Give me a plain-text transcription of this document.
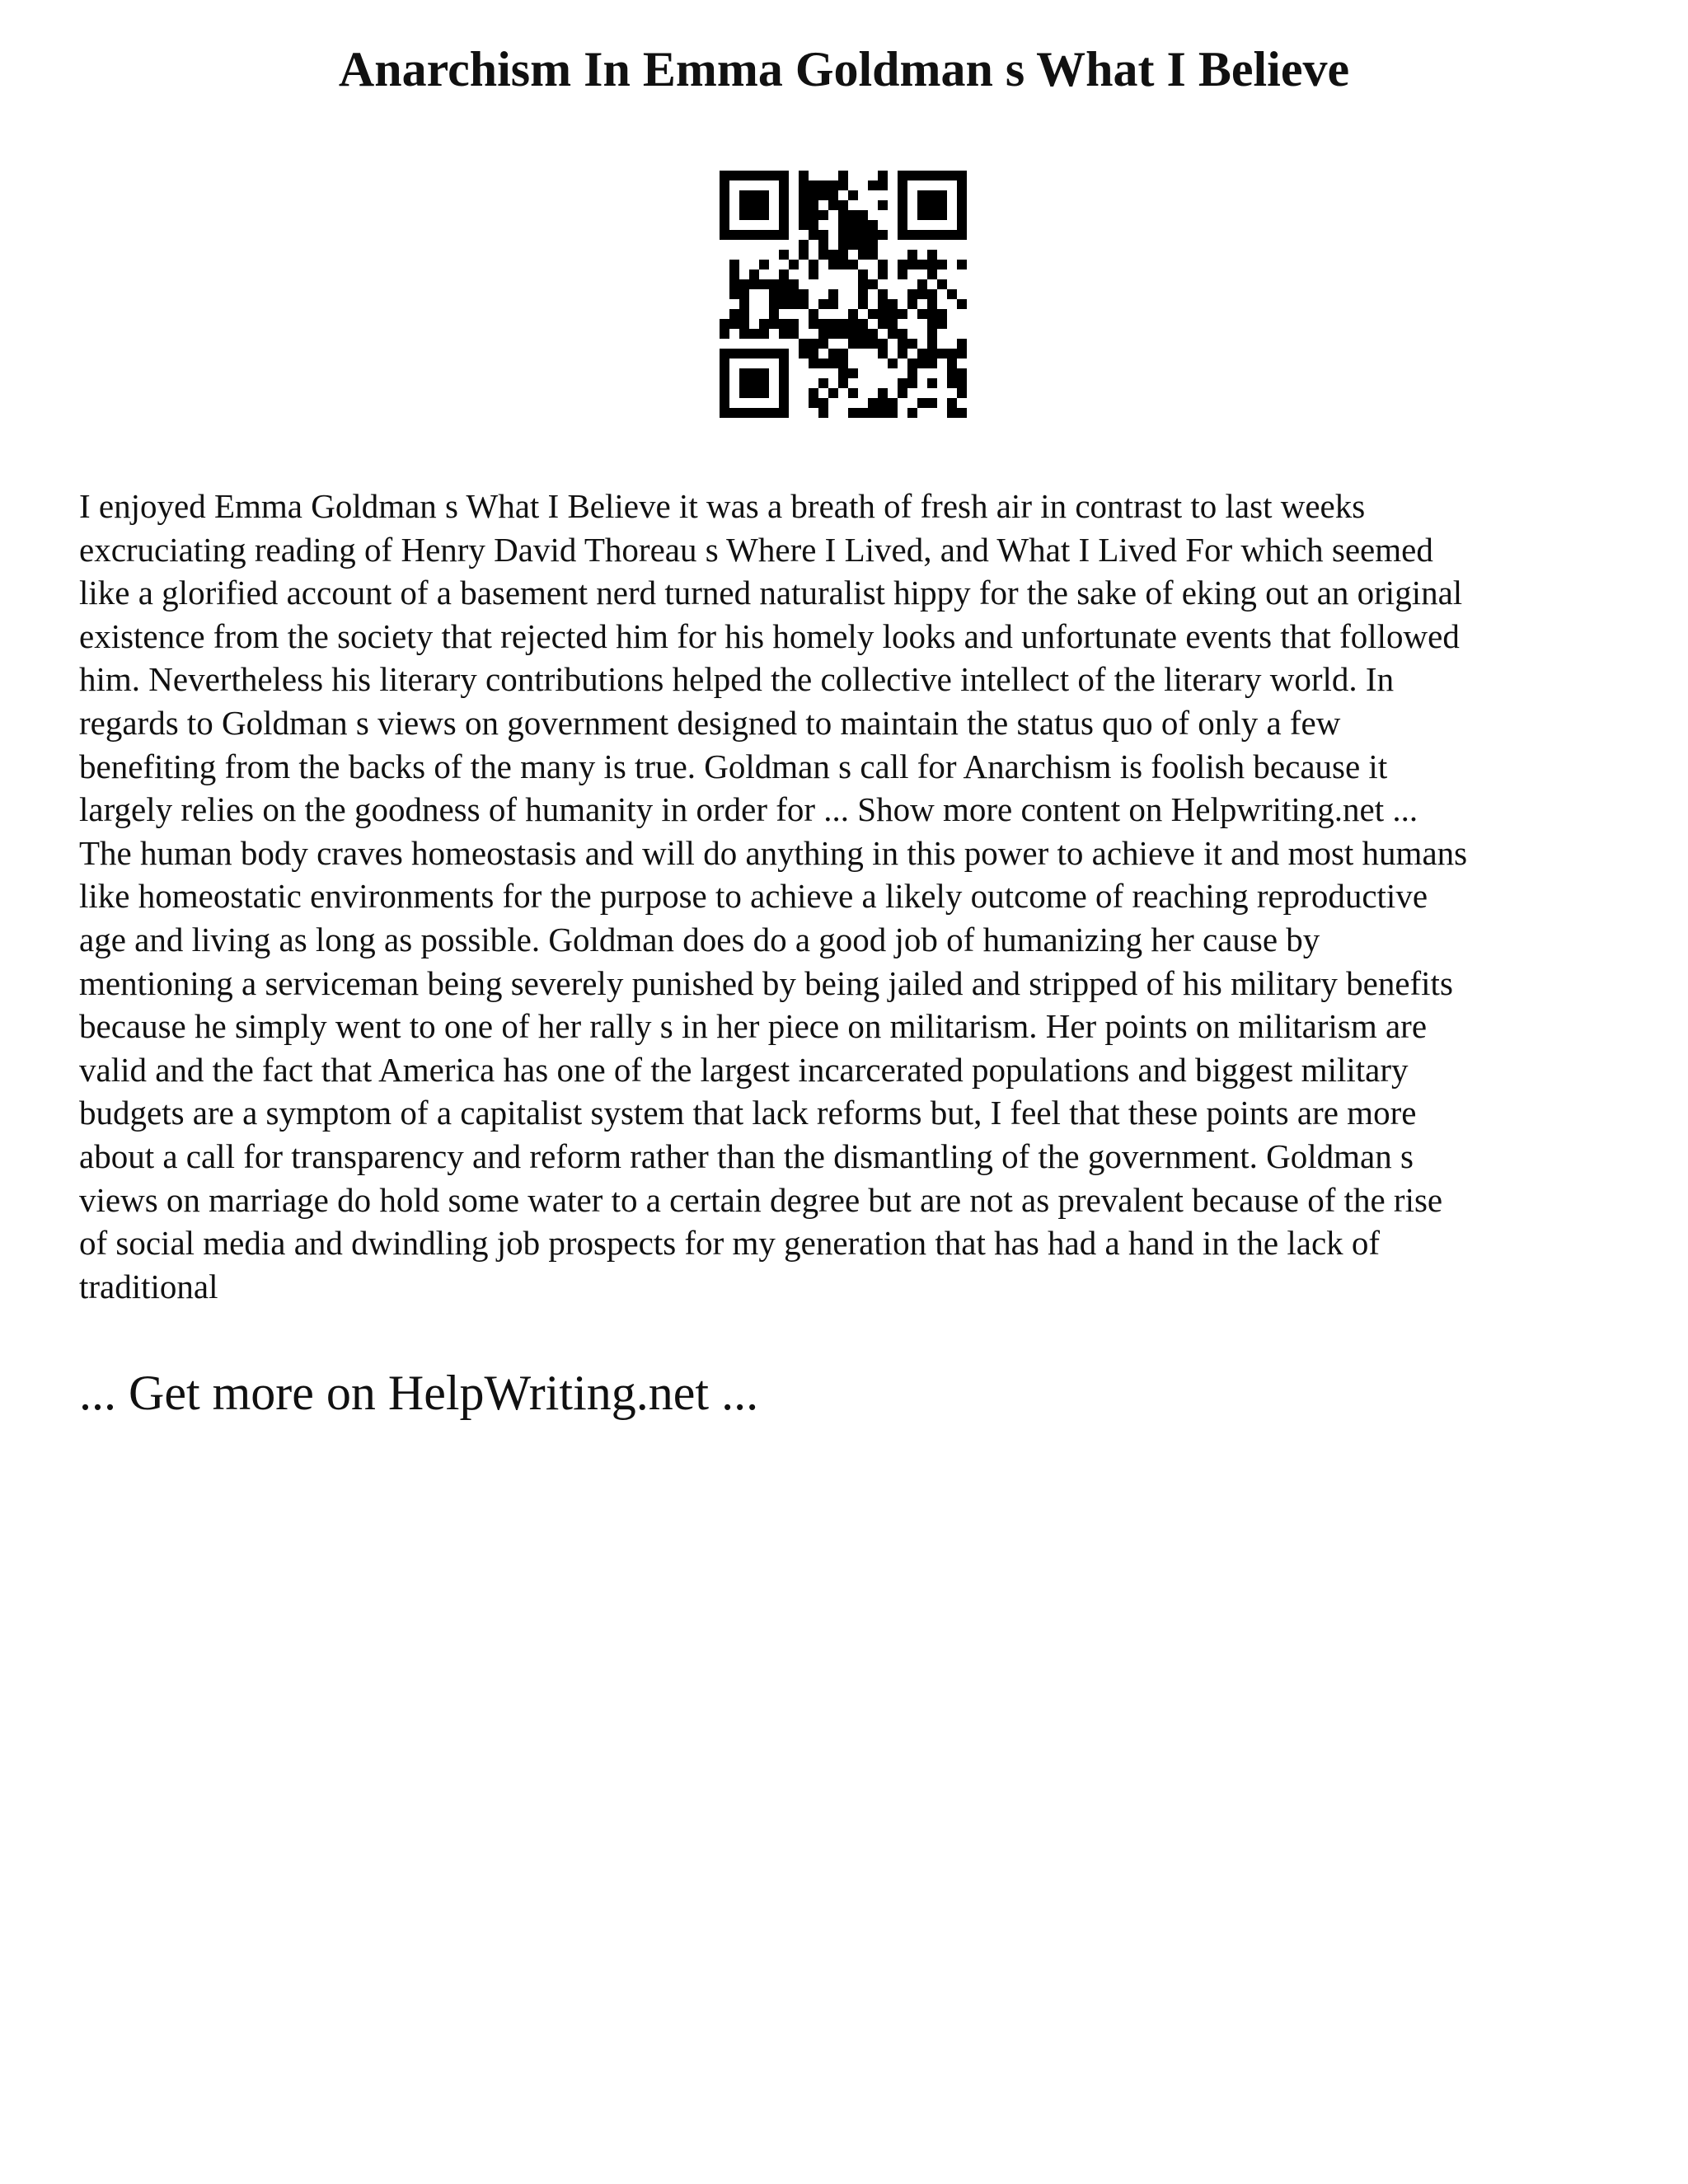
Anarchism In Emma Goldman s What I Believe

I enjoyed Emma Goldman s What I Believe it was a breath of fresh air in contrast to last weeks
excruciating reading of Henry David Thoreau s Where I Lived, and What I Lived For which seemed
like a glorified account of a basement nerd turned naturalist hippy for the sake of eking out an original
existence from the society that rejected him for his homely looks and unfortunate events that followed
him. Nevertheless his literary contributions helped the collective intellect of the literary world. In
regards to Goldman s views on government designed to maintain the status quo of only a few
benefiting from the backs of the many is true. Goldman s call for Anarchism is foolish because it
largely relies on the goodness of humanity in order for ... Show more content on Helpwriting.net ...
The human body craves homeostasis and will do anything in this power to achieve it and most humans
like homeostatic environments for the purpose to achieve a likely outcome of reaching reproductive
age and living as long as possible. Goldman does do a good job of humanizing her cause by
mentioning a serviceman being severely punished by being jailed and stripped of his military benefits
because he simply went to one of her rally s in her piece on militarism. Her points on militarism are
valid and the fact that America has one of the largest incarcerated populations and biggest military
budgets are a symptom of a capitalist system that lack reforms but, I feel that these points are more
about a call for transparency and reform rather than the dismantling of the government. Goldman s
views on marriage do hold some water to a certain degree but are not as prevalent because of the rise
of social media and dwindling job prospects for my generation that has had a hand in the lack of
traditional

... Get more on HelpWriting.net ...
